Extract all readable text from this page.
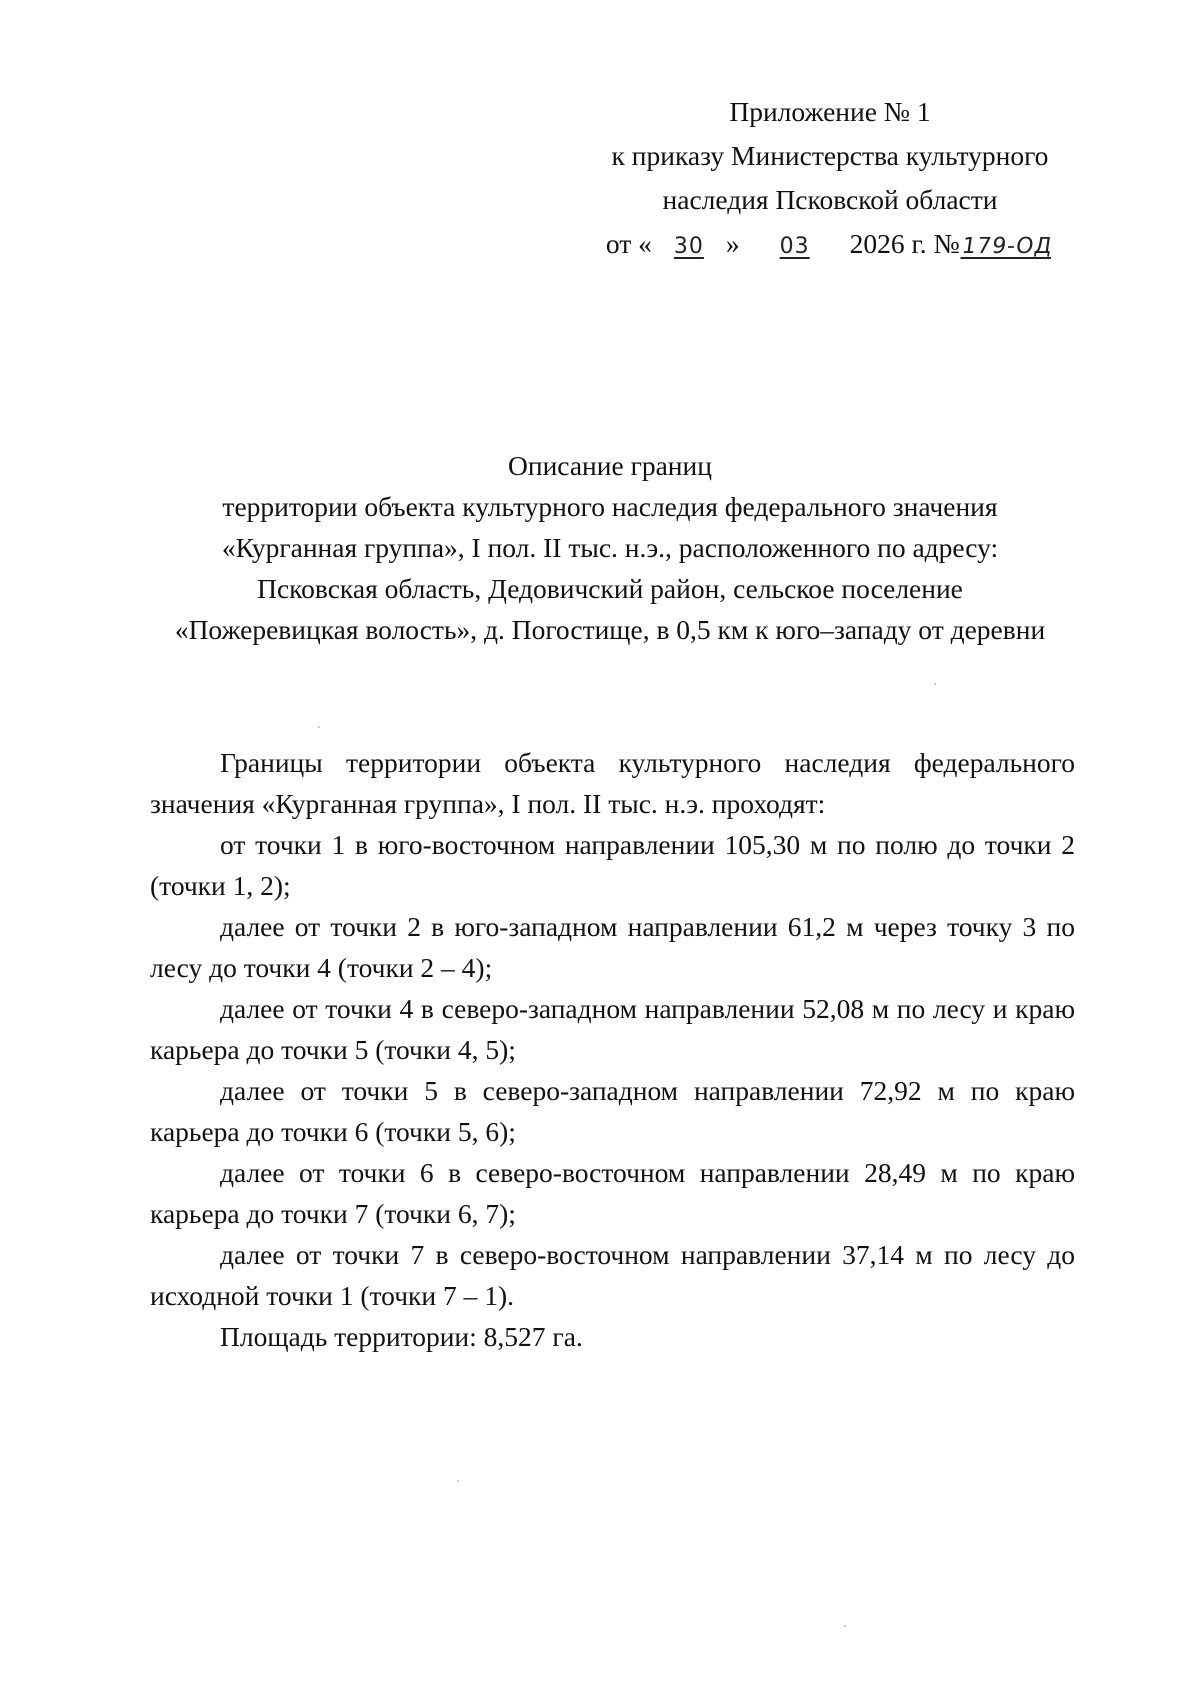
Приложение № 1
к приказу Министерства культурного
наследия Псковской области
от « 30 » 03 2026 г. №179-ОД
Описание границ
территории объекта культурного наследия федерального значения
«Курганная группа», I пол. II тыс. н.э., расположенного по адресу:
Псковская область, Дедовичский район, сельское поселение
«Пожеревицкая волость», д. Погостище, в 0,5 км к юго–западу от деревни

Границы территории объекта культурного наследия федерального значения «Курганная группа», I пол. II тыс. н.э. проходят:

от точки 1 в юго-восточном направлении 105,30 м по полю до точки 2 (точки 1, 2);

далее от точки 2 в юго-западном направлении 61,2 м через точку 3 по лесу до точки 4 (точки 2 – 4);

далее от точки 4 в северо-западном направлении 52,08 м по лесу и краю карьера до точки 5 (точки 4, 5);

далее от точки 5 в северо-западном направлении 72,92 м по краю карьера до точки 6 (точки 5, 6);

далее от точки 6 в северо-восточном направлении 28,49 м по краю карьера до точки 7 (точки 6, 7);

далее от точки 7 в северо-восточном направлении 37,14 м по лесу до исходной точки 1 (точки 7 – 1).

Площадь территории: 8,527 га.
